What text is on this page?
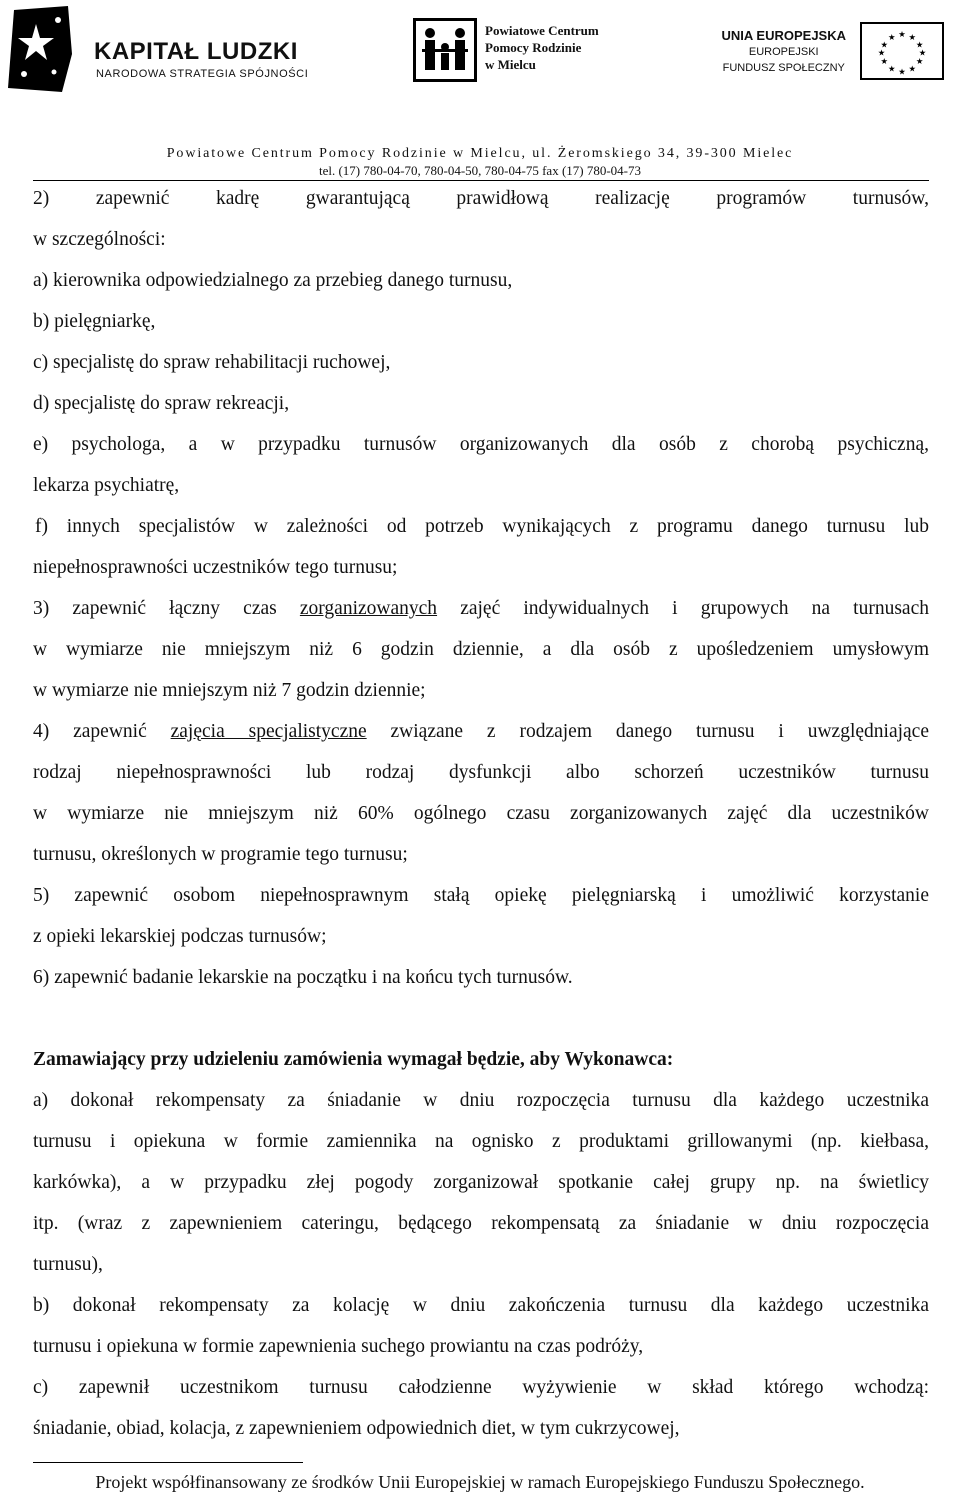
KAPITAŁ LUDZKI
NARODOWA STRATEGIA SPÓJNOŚCI
Powiatowe Centrum
Pomocy Rodzinie
w Mielcu
UNIA EUROPEJSKA
EUROPEJSKI
FUNDUSZ SPOŁECZNY
★ ★
★
★
★
★
★
★
★
★
★
★
Powiatowe Centrum Pomocy Rodzinie w Mielcu, ul. Żeromskiego 34, 39-300 Mielec
tel. (17) 780-04-70, 780-04-50, 780-04-75 fax (17) 780-04-73

2) zapewnić kadrę gwarantującą prawidłową realizację programów turnusów,

w szczególności:

a) kierownika odpowiedzialnego za przebieg danego turnusu,

b) pielęgniarkę,

c) specjalistę do spraw rehabilitacji ruchowej,

d) specjalistę do spraw rekreacji,

e) psychologa, a w przypadku turnusów organizowanych dla osób z chorobą psychiczną,

lekarza psychiatrę,

f) innych specjalistów w zależności od potrzeb wynikających z programu danego turnusu lub

niepełnosprawności uczestników tego turnusu;

3) zapewnić łączny czas zorganizowanych zajęć indywidualnych i grupowych na turnusach

w wymiarze nie mniejszym niż 6 godzin dziennie, a dla osób z upośledzeniem umysłowym

w wymiarze nie mniejszym niż 7 godzin dziennie;

4) zapewnić zajęcia specjalistyczne związane z rodzajem danego turnusu i uwzględniające

rodzaj niepełnosprawności lub rodzaj dysfunkcji albo schorzeń uczestników turnusu

w wymiarze nie mniejszym niż 60% ogólnego czasu zorganizowanych zajęć dla uczestników

turnusu, określonych w programie tego turnusu;

5) zapewnić osobom niepełnosprawnym stałą opiekę pielęgniarską i umożliwić korzystanie

z opieki lekarskiej podczas turnusów;

6) zapewnić badanie lekarskie na początku i na końcu tych turnusów.

Zamawiający przy udzieleniu zamówienia wymagał będzie, aby Wykonawca:

a) dokonał rekompensaty za śniadanie w dniu rozpoczęcia turnusu dla każdego uczestnika

turnusu i opiekuna w formie zamiennika na ognisko z produktami grillowanymi (np. kiełbasa,

karkówka), a w przypadku złej pogody zorganizował spotkanie całej grupy np. na świetlicy

itp. (wraz z zapewnieniem cateringu, będącego rekompensatą za śniadanie w dniu rozpoczęcia

turnusu),

b) dokonał rekompensaty za kolację w dniu zakończenia turnusu dla każdego uczestnika

turnusu i opiekuna w formie zapewnienia suchego prowiantu na czas podróży,

c) zapewnił uczestnikom turnusu całodzienne wyżywienie w skład którego wchodzą:

śniadanie, obiad, kolacja, z zapewnieniem odpowiednich diet, w tym cukrzycowej,

Projekt współfinansowany ze środków Unii Europejskiej w ramach Europejskiego Funduszu Społecznego.
